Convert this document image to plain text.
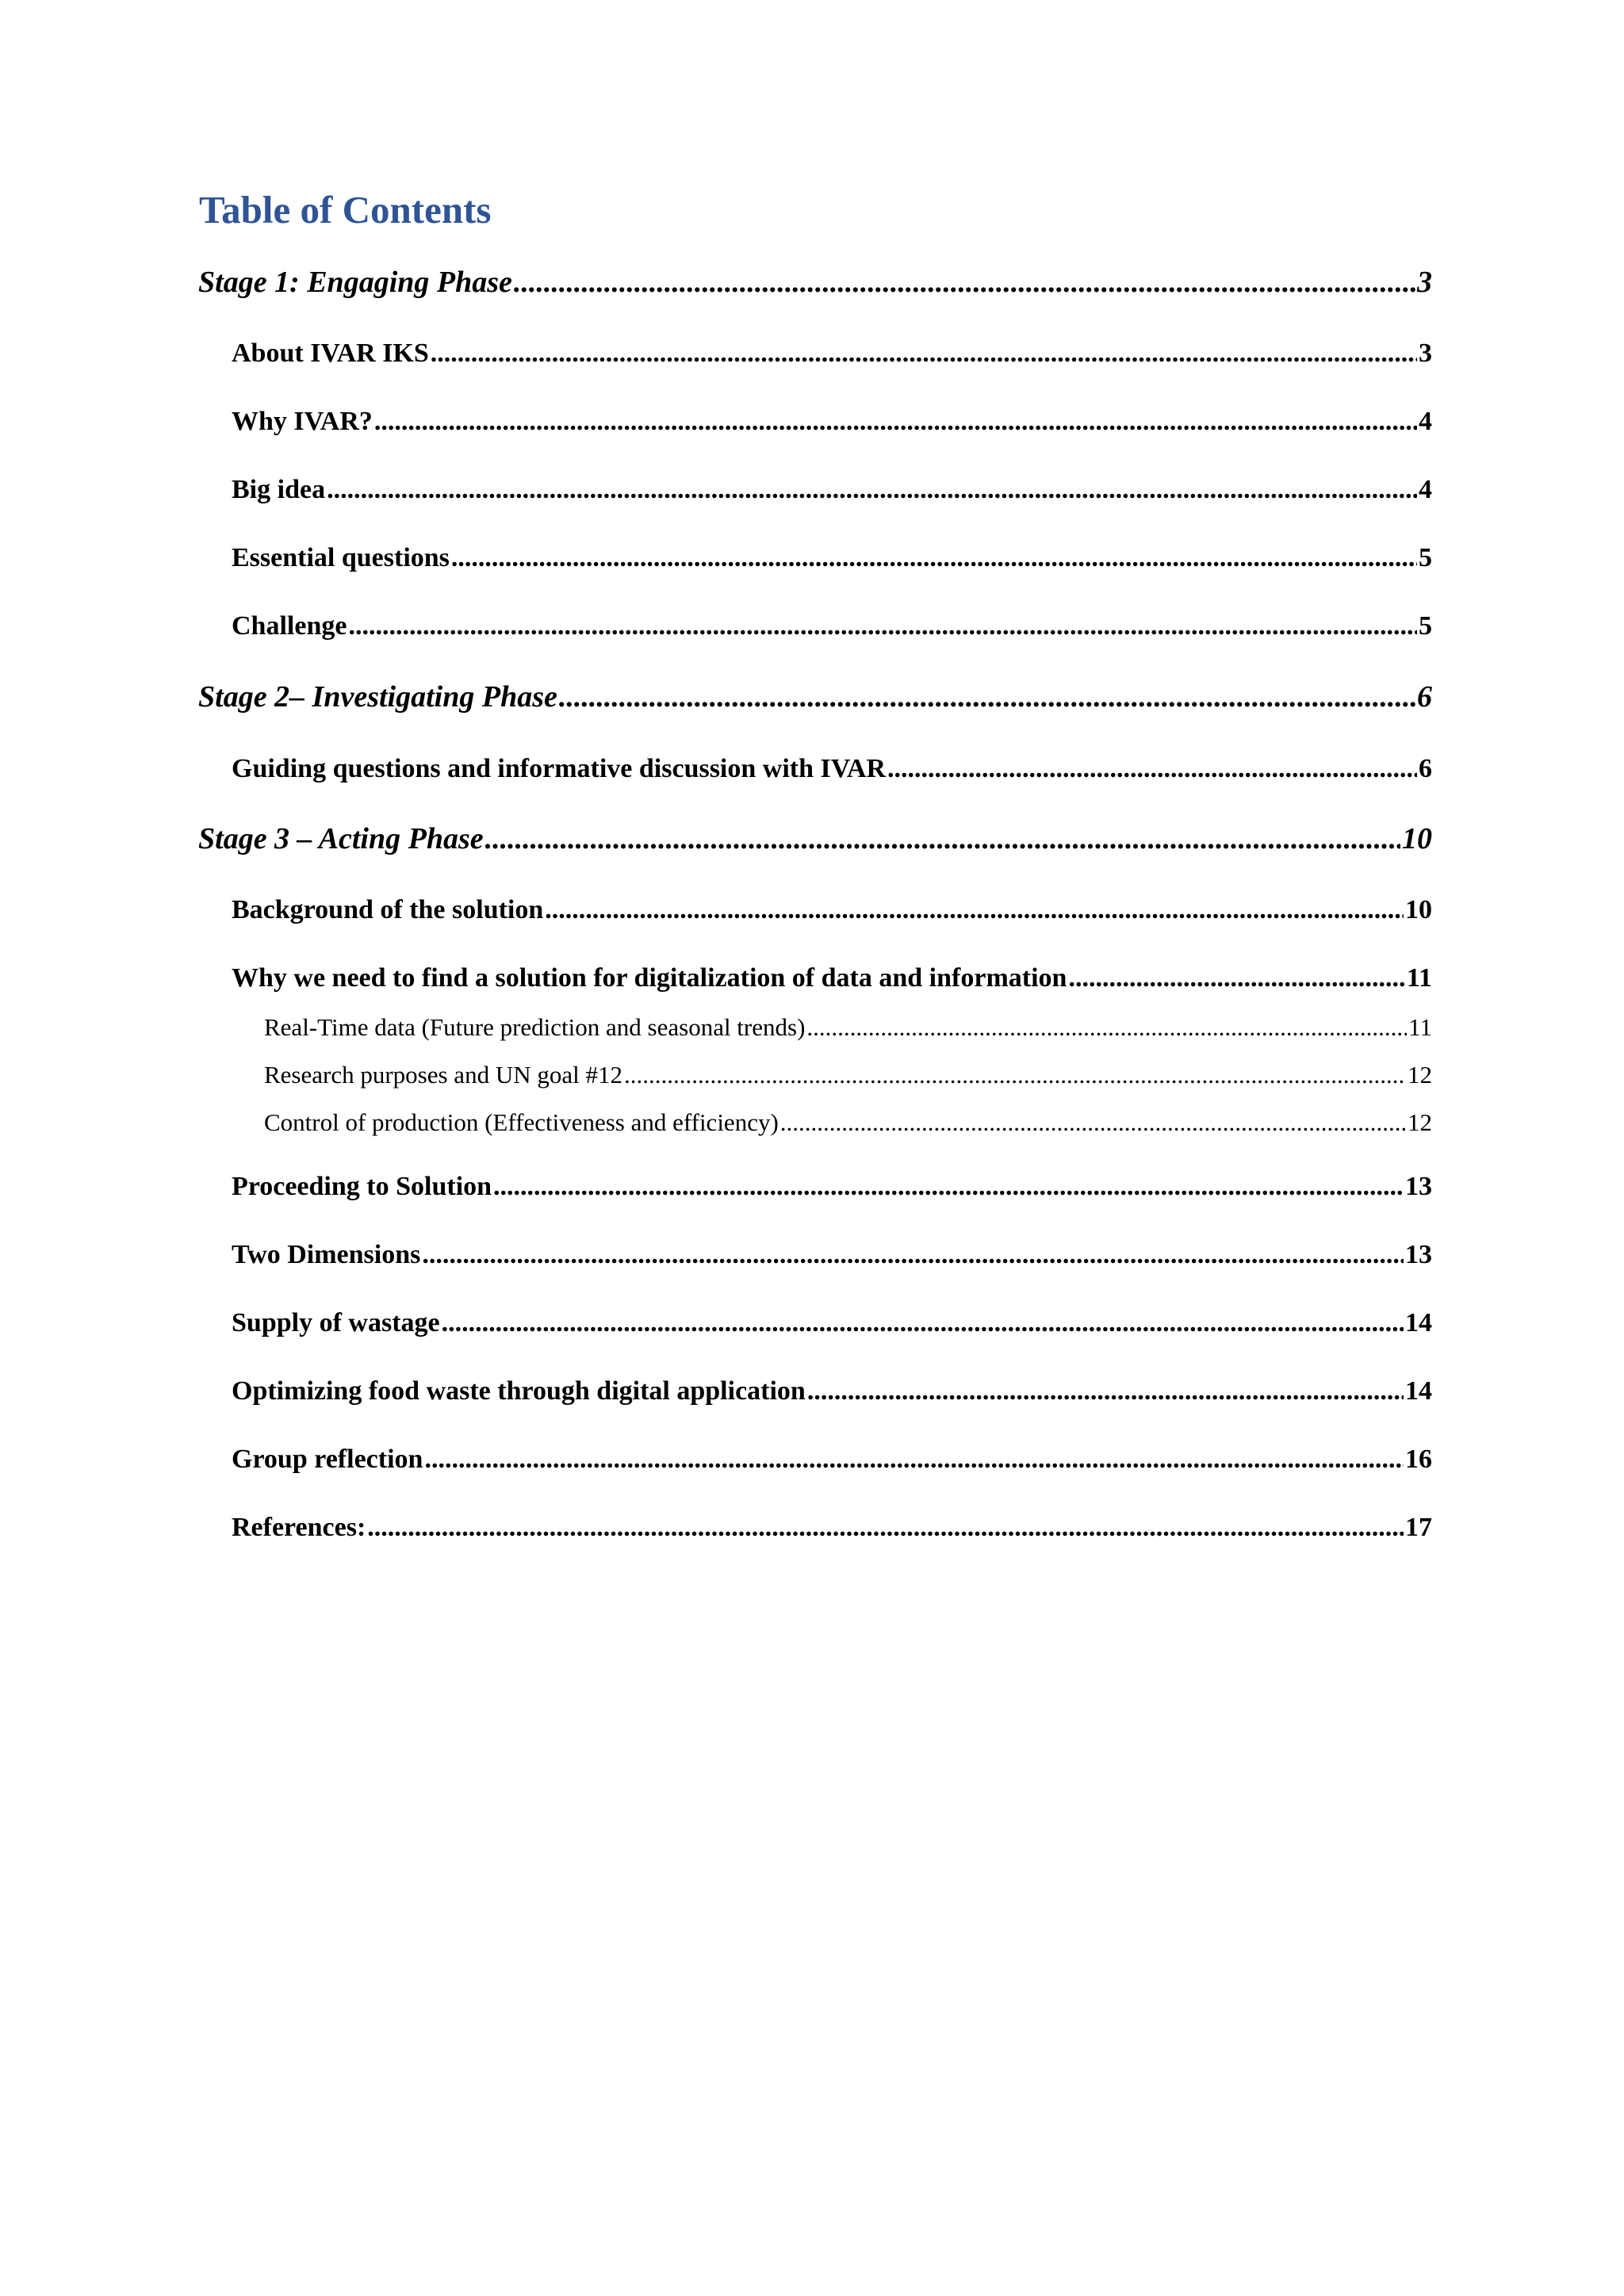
Table of Contents
Stage 1: Engaging Phase .....	3
About IVAR IKS .....	3
Why IVAR? .....	4
Big idea .....	4
Essential questions .....	5
Challenge .....	5
Stage 2– Investigating Phase .....	6
Guiding questions and informative discussion with IVAR .....	6
Stage 3 – Acting Phase .....	10
Background of the solution .....	10
Why we need to find a solution for digitalization of data and information .....	11
Real-Time data (Future prediction and seasonal trends) .....	11
Research purposes and UN goal #12 .....	12
Control of production (Effectiveness and efficiency) .....	12
Proceeding to Solution .....	13
Two Dimensions .....	13
Supply of wastage .....	14
Optimizing food waste through digital application .....	14
Group reflection .....	16
References: .....	17
